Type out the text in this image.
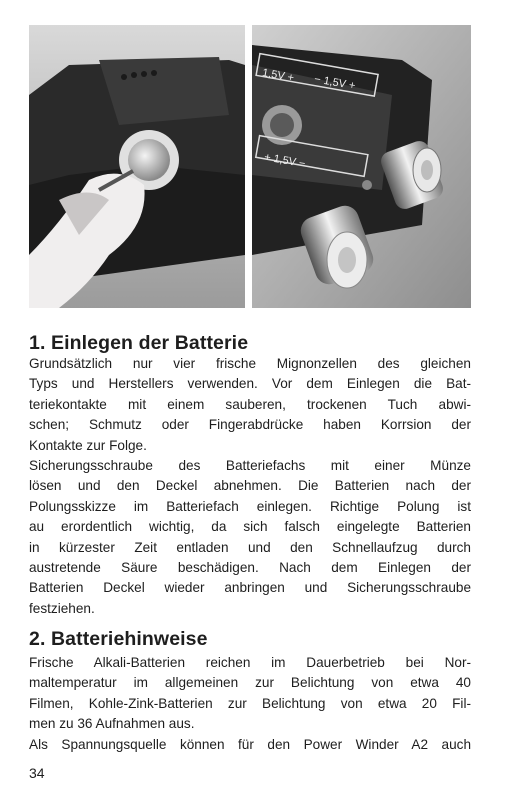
1,5V + − 1,5V +
+ 1,5V −
1. Einlegen der Batterie

Grundsätzlich nur vier frische Mignonzellen des gleichen
Typs und Herstellers verwenden. Vor dem Einlegen die Bat-
teriekontakte mit einem sauberen, trockenen Tuch abwi-
schen; Schmutz oder Fingerabdrücke haben Korrsion der
Kontakte zur Folge.

Sicherungsschraube des Batteriefachs mit einer Münze
lösen und den Deckel abnehmen. Die Batterien nach der
Polungsskizze im Batteriefach einlegen. Richtige Polung ist
au erordentlich wichtig, da sich falsch eingelegte Batterien
in kürzester Zeit entladen und den Schnellaufzug durch
austretende Säure beschädigen. Nach dem Einlegen der
Batterien Deckel wieder anbringen und Sicherungsschraube
festziehen.

2. Batteriehinweise

Frische Alkali-Batterien reichen im Dauerbetrieb bei Nor-
maltemperatur im allgemeinen zur Belichtung von etwa 40
Filmen, Kohle-Zink-Batterien zur Belichtung von etwa 20 Fil-
men zu 36 Aufnahmen aus.
Als Spannungsquelle können für den Power Winder A2 auch

34
